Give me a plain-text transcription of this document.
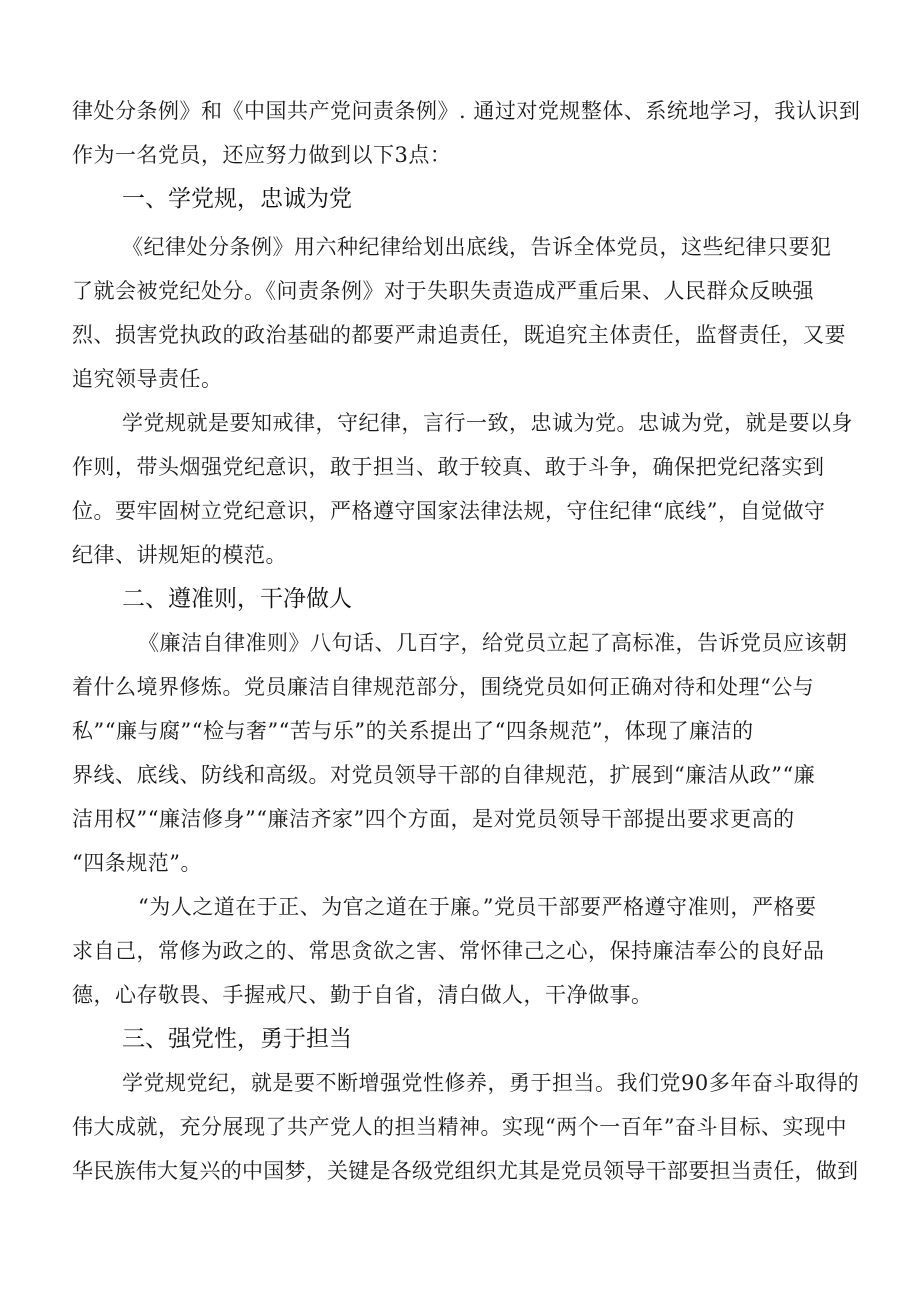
律处分条例》和《中国共产党问责条例》. 通过对党规整体、系统地学习，我认识到
作为一名党员，还应努力做到以下3点：
一、学党规，忠诚为党
《纪律处分条例》用六种纪律给划出底线，告诉全体党员，这些纪律只要犯
了就会被党纪处分。《问责条例》对于失职失责造成严重后果、人民群众反映强
烈、损害党执政的政治基础的都要严肃追责任，既追究主体责任，监督责任，又要
追究领导责任。
学党规就是要知戒律，守纪律，言行一致，忠诚为党。忠诚为党，就是要以身
作则，带头烟强党纪意识，敢于担当、敢于较真、敢于斗争，确保把党纪落实到
位。要牢固树立党纪意识，严格遵守国家法律法规，守住纪律“底线”，自觉做守
纪律、讲规矩的模范。
二、遵准则，干净做人
《廉洁自律准则》八句话、几百字，给党员立起了高标准，告诉党员应该朝
着什么境界修炼。党员廉洁自律规范部分，围绕党员如何正确对待和处理“公与
私”“廉与腐”“检与奢”“苦与乐”的关系提出了“四条规范”，体现了廉洁的
界线、底线、防线和高级。对党员领导干部的自律规范，扩展到“廉洁从政”“廉
洁用权”“廉洁修身”“廉洁齐家”四个方面，是对党员领导干部提出要求更高的
“四条规范”。
“为人之道在于正、为官之道在于廉。”党员干部要严格遵守准则，严格要
求自己，常修为政之的、常思贪欲之害、常怀律己之心，保持廉洁奉公的良好品
德，心存敬畏、手握戒尺、勤于自省，清白做人，干净做事。
三、强党性，勇于担当
学党规党纪，就是要不断增强党性修养，勇于担当。我们党90多年奋斗取得的
伟大成就，充分展现了共产党人的担当精神。实现“两个一百年”奋斗目标、实现中
华民族伟大复兴的中国梦，关键是各级党组织尤其是党员领导干部要担当责任，做到
